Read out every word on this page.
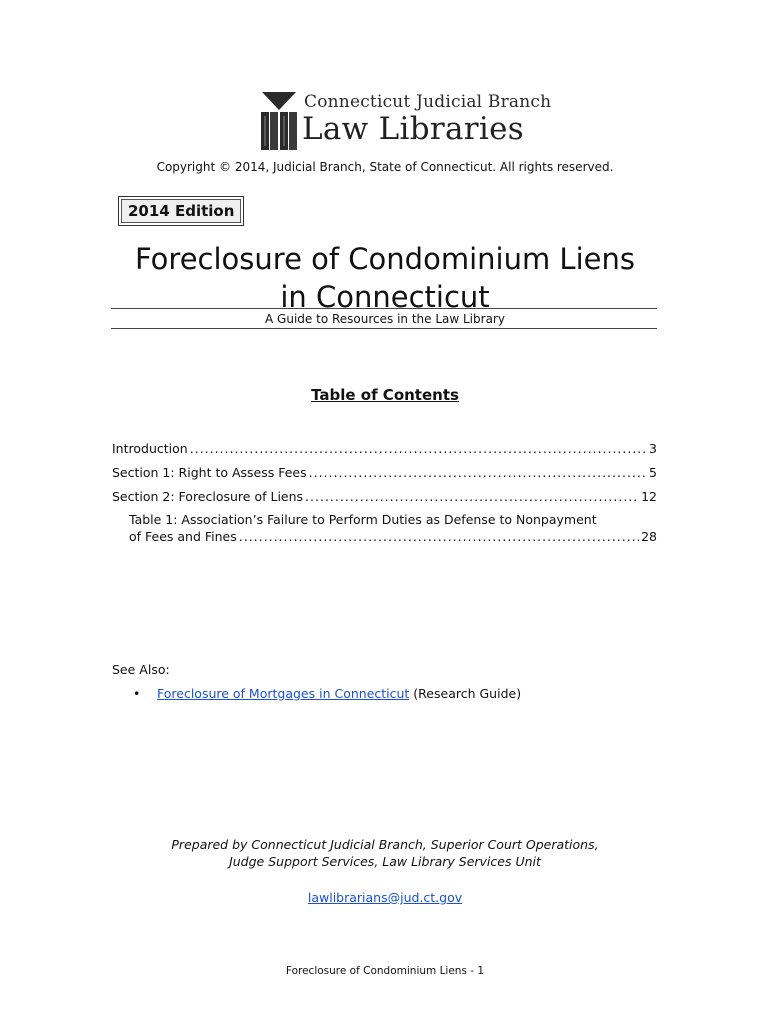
Connecticut Judicial Branch
Law Libraries
Copyright © 2014, Judicial Branch, State of Connecticut. All rights reserved.
2014 Edition
Foreclosure of Condominium Liens
in Connecticut
A Guide to Resources in the Law Library
Table of Contents
Introduction .....	3
Section 1: Right to Assess Fees .....	5
Section 2: Foreclosure of Liens .....	12
Table 1: Association’s Failure to Perform Duties as Defense to Nonpayment
of Fees and Fines .....	28
See Also:
•	Foreclosure of Mortgages in Connecticut (Research Guide)
Prepared by Connecticut Judicial Branch, Superior Court Operations,
Judge Support Services, Law Library Services Unit
lawlibrarians@jud.ct.gov
Foreclosure of Condominium Liens - 1
